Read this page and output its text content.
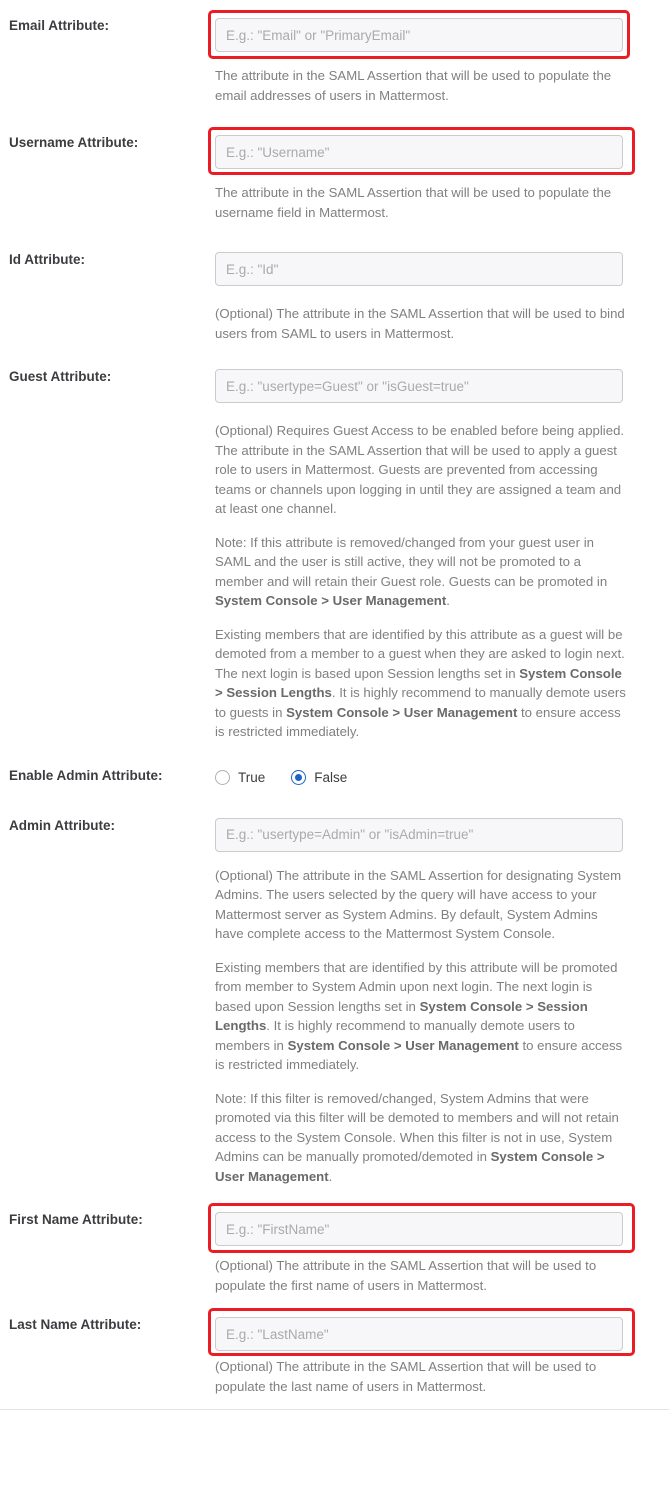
Email Attribute:
E.g.: "Email" or "PrimaryEmail"

The attribute in the SAML Assertion that will be used to populate the email addresses of users in Mattermost.

Username Attribute:
E.g.: "Username"

The attribute in the SAML Assertion that will be used to populate the username field in Mattermost.

Id Attribute:
E.g.: "Id"

(Optional) The attribute in the SAML Assertion that will be used to bind users from SAML to users in Mattermost.

Guest Attribute:
E.g.: "usertype=Guest" or "isGuest=true"

(Optional) Requires Guest Access to be enabled before being applied. The attribute in the SAML Assertion that will be used to apply a guest role to users in Mattermost. Guests are prevented from accessing teams or channels upon logging in until they are assigned a team and at least one channel.

Note: If this attribute is removed/changed from your guest user in SAML and the user is still active, they will not be promoted to a member and will retain their Guest role. Guests can be promoted in System Console > User Management.

Existing members that are identified by this attribute as a guest will be demoted from a member to a guest when they are asked to login next. The next login is based upon Session lengths set in System Console > Session Lengths. It is highly recommend to manually demote users to guests in System Console > User Management to ensure access is restricted immediately.

Enable Admin Attribute:	True	False
Admin Attribute:
E.g.: "usertype=Admin" or "isAdmin=true"

(Optional) The attribute in the SAML Assertion for designating System Admins. The users selected by the query will have access to your Mattermost server as System Admins. By default, System Admins have complete access to the Mattermost System Console.

Existing members that are identified by this attribute will be promoted from member to System Admin upon next login. The next login is based upon Session lengths set in System Console > Session Lengths. It is highly recommend to manually demote users to members in System Console > User Management to ensure access is restricted immediately.

Note: If this filter is removed/changed, System Admins that were promoted via this filter will be demoted to members and will not retain access to the System Console. When this filter is not in use, System Admins can be manually promoted/demoted in System Console > User Management.

First Name Attribute:
E.g.: "FirstName"

(Optional) The attribute in the SAML Assertion that will be used to populate the first name of users in Mattermost.

Last Name Attribute:
E.g.: "LastName"

(Optional) The attribute in the SAML Assertion that will be used to populate the last name of users in Mattermost.
